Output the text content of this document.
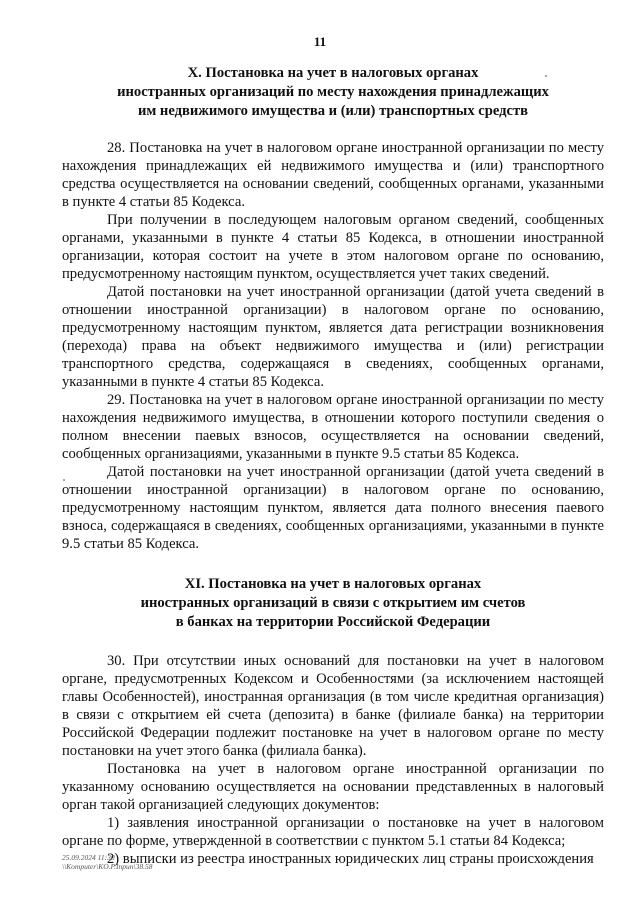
11
X. Постановка на учет в налоговых органах
иностранных организаций по месту нахождения принадлежащих
им недвижимого имущества и (или) транспортных средств

28. Постановка на учет в налоговом органе иностранной организации по месту нахождения принадлежащих ей недвижимого имущества и (или) транспортного средства осуществляется на основании сведений, сообщенных органами, указанными в пункте 4 статьи 85 Кодекса.

При получении в последующем налоговым органом сведений, сообщенных органами, указанными в пункте 4 статьи 85 Кодекса, в отношении иностранной организации, которая состоит на учете в этом налоговом органе по основанию, предусмотренному настоящим пунктом, осуществляется учет таких сведений.

Датой постановки на учет иностранной организации (датой учета сведений в отношении иностранной организации) в налоговом органе по основанию, предусмотренному настоящим пунктом, является дата регистрации возникновения (перехода) права на объект недвижимого имущества и (или) регистрации транспортного средства, содержащаяся в сведениях, сообщенных органами, указанными в пункте 4 статьи 85 Кодекса.

29. Постановка на учет в налоговом органе иностранной организации по месту нахождения недвижимого имущества, в отношении которого поступили сведения о полном внесении паевых взносов, осуществляется на основании сведений, сообщенных организациями, указанными в пункте 9.5 статьи 85 Кодекса.

Датой постановки на учет иностранной организации (датой учета сведений в отношении иностранной организации) в налоговом органе по основанию, предусмотренному настоящим пунктом, является дата полного внесения паевого взноса, содержащаяся в сведениях, сообщенных организациями, указанными в пункте 9.5 статьи 85 Кодекса.

XI. Постановка на учет в налоговых органах
иностранных организаций в связи с открытием им счетов
в банках на территории Российской Федерации

30. При отсутствии иных оснований для постановки на учет в налоговом органе, предусмотренных Кодексом и Особенностями (за исключением настоящей главы Особенностей), иностранная организация (в том числе кредитная организация) в связи с открытием ей счета (депозита) в банке (филиале банка) на территории Российской Федерации подлежит постановке на учет в налоговом органе по месту постановки на учет этого банка (филиала банка).

Постановка на учет в налоговом органе иностранной организации по указанному основанию осуществляется на основании представленных в налоговый орган такой организацией следующих документов:

1) заявления иностранной организации о постановке на учет в налоговом органе по форме, утвержденной в соответствии с пунктом 5.1 статьи 84 Кодекса;

2) выписки из реестра иностранных юридических лиц страны происхождения

25.09.2024 11:30
\\Komputer\KO.P.Inpun\38.58
